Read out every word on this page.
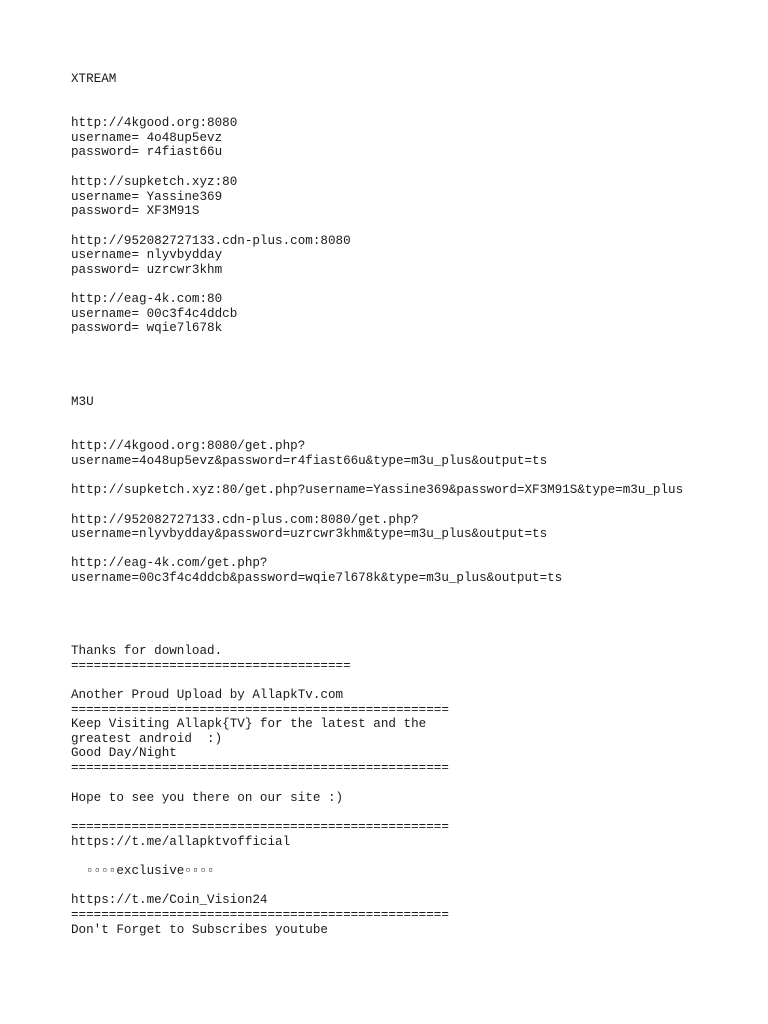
XTREAM

http://4kgood.org:8080

username= 4o48up5evz

password= r4fiast66u

http://supketch.xyz:80

username= Yassine369

password= XF3M91S

http://952082727133.cdn-plus.com:8080

username= nlyvbydday

password= uzrcwr3khm

http://eag-4k.com:80

username= 00c3f4c4ddcb

password= wqie7l678k

M3U

http://4kgood.org:8080/get.php?

username=4o48up5evz&password=r4fiast66u&type=m3u_plus&output=ts

http://supketch.xyz:80/get.php?username=Yassine369&password=XF3M91S&type=m3u_plus

http://952082727133.cdn-plus.com:8080/get.php?

username=nlyvbydday&password=uzrcwr3khm&type=m3u_plus&output=ts

http://eag-4k.com/get.php?

username=00c3f4c4ddcb&password=wqie7l678k&type=m3u_plus&output=ts

Thanks for download.

=====================================

Another Proud Upload by AllapkTv.com

==================================================

Keep Visiting Allapk{TV} for the latest and the

greatest android  :)

Good Day/Night

==================================================

Hope to see you there on our site :)

==================================================

https://t.me/allapktvofficial

▫▫▫▫exclusive▫▫▫▫

https://t.me/Coin_Vision24

==================================================

Don't Forget to Subscribes youtube
